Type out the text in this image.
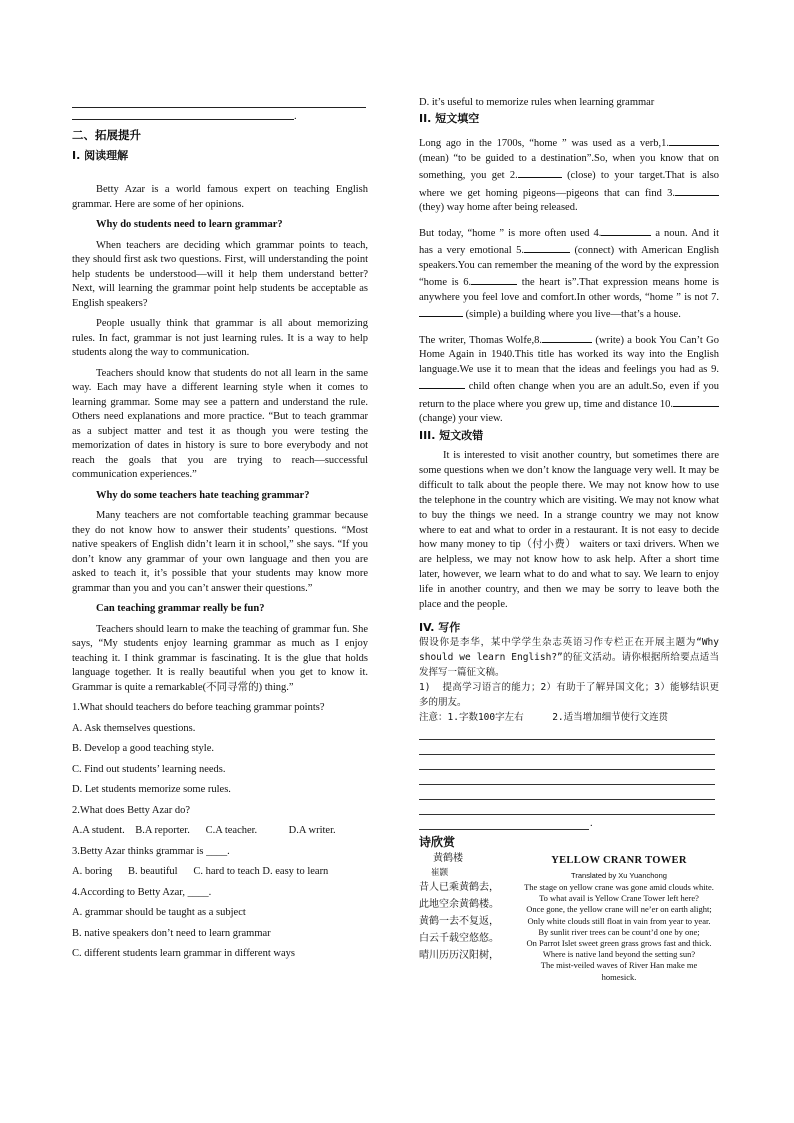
.
二、拓展提升
I. 阅读理解

Betty Azar is a world famous expert on teaching English grammar. Here are some of her opinions.

Why do students need to learn grammar?

When teachers are deciding which grammar points to teach, they should first ask two questions. First, will understanding the point help students be understood—will it help them understand better? Next, will learning the grammar point help students be acceptable as English speakers?

People usually think that grammar is all about memorizing rules. In fact, grammar is not just learning rules. It is a way to help students along the way to communication.

Teachers should know that students do not all learn in the same way. Each may have a different learning style when it comes to learning grammar. Some may see a pattern and understand the rule. Others need explanations and more practice. “But to teach grammar as a subject matter and test it as though you were testing the memorization of dates in history is sure to bore everybody and not reach the goals that you are trying to reach—successful communication experiences.”

Why do some teachers hate teaching grammar?

Many teachers are not comfortable teaching grammar because they do not know how to answer their students’ questions. “Most native speakers of English didn’t learn it in school,” she says. “If you don’t know any grammar of your own language and then you are asked to teach it, it’s possible that your students may know more grammar than you and you can’t answer their questions.”

Can teaching grammar really be fun?

Teachers should learn to make the teaching of grammar fun. She says, “My students enjoy learning grammar as much as I enjoy teaching it. I think grammar is fascinating. It is the glue that holds language together. It is really beautiful when you get to know it. Grammar is quite a remarkable(不同寻常的) thing.”

1.What should teachers do before teaching grammar points?

A. Ask themselves questions.

B. Develop a good teaching style.

C. Find out students’ learning needs.

D. Let students memorize some rules.

2.What does Betty Azar do?

A.A student.    B.A reporter.      C.A teacher.            D.A writer.

3.Betty Azar thinks grammar is ____.

A. boring      B. beautiful      C. hard to teach D. easy to learn

4.According to Betty Azar, ____.

A. grammar should be taught as a subject

B. native speakers don’t need to learn grammar

C. different students learn grammar in different ways

D. it’s useful to memorize rules when learning grammar

II. 短文填空

Long ago in the 1700s, “home ” was used as a verb,1. (mean) “to be guided to a destination”.So, when you know that on something, you get 2.	(close) to your target.That is also where we get homing pigeons—pigeons that can find 3. (they) way home after being released.

But today, “home ” is more often used 4.	a noun. And it has a very emotional 5.	(connect) with American English speakers.You can remember the meaning of the word by the expression “home is 6.	the heart is”.That expression means home is anywhere you feel love and comfort.In other words, “home ” is not 7. (simple) a building where you live—that’s a house.

The writer, Thomas Wolfe,8.	(write) a book You Can’t Go Home Again in 1940.This title has worked its way into the English language.We use it to mean that the ideas and feelings you had as 9. child often change when you are an adult.So, even if you return to the place where you grew up, time and distance 10. (change) your view.

III. 短文改错

It is interested to visit another country, but sometimes there are some questions when we don’t know the language very well. It may be difficult to talk about the people there. We may not know how to use the telephone in the country which are visiting. We may not know what to buy the things we need. In a strange country we may not know where to eat and what to order in a restaurant. It is not easy to decide how many money to tip（付小费） waiters or taxi drivers. When we are helpless, we may not know how to ask help. After a short time later, however, we learn what to do and what to say. We learn to enjoy life in another country, and then we may be sorry to leave both the place and the people.

IV. 写作

假设你是李华，某中学学生杂志英语习作专栏正在开展主题为“Why should we learn English?”的征文活动。请你根据所给要点适当发挥写一篇征文稿。

1)  提高学习语言的能力；2）有助于了解异国文化；3）能够结识更多的朋友。

注意：1.字数100字左右     2.适当增加细节使行文连贯

.
诗欣赏
黄鹤楼
崔颢
昔人已乘黄鹤去，
此地空余黄鹤楼。
黄鹤一去不复返，
白云千载空悠悠。
晴川历历汉阳树，
YELLOW CRANR TOWER
Translated by Xu Yuanchong
The stage on yellow crane was gone amid clouds white.
To what avail is Yellow Crane Tower left here?
Once gone, the yellow crane will ne’er on earth alight;
Only white clouds still float in vain from year to year.
By sunlit river trees can be count’d one by one;
On Parrot Islet sweet green grass grows fast and thick.
Where is native land beyond the setting sun?
The mist-veiled waves of River Han make me
homesick.
